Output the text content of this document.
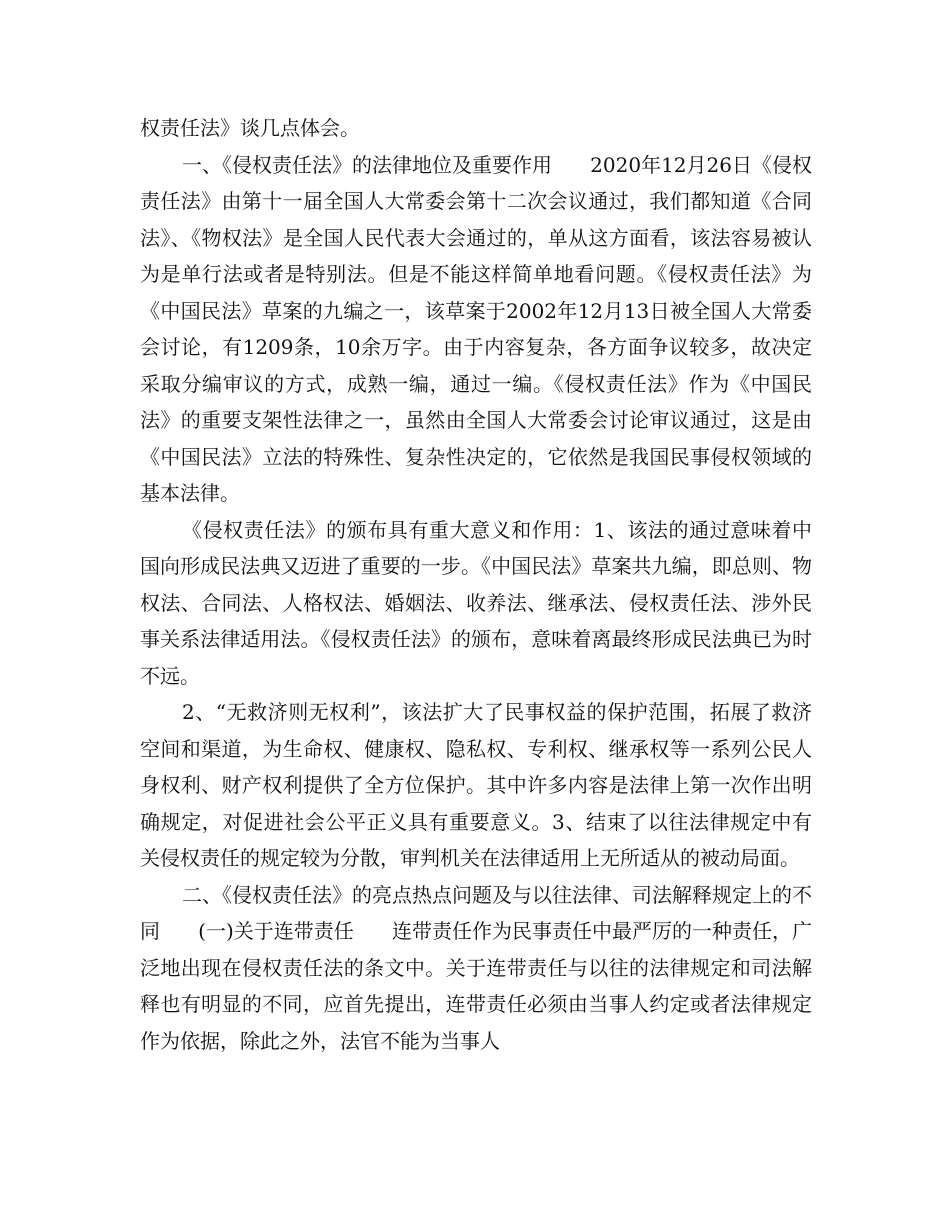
权责任法》谈几点体会。

一、《侵权责任法》的法律地位及重要作用      2020年12月26日《侵权责任法》由第十一届全国人大常委会第十二次会议通过，我们都知道《合同法》、《物权法》是全国人民代表大会通过的，单从这方面看，该法容易被认为是单行法或者是特别法。但是不能这样简单地看问题。《侵权责任法》为《中国民法》草案的九编之一，该草案于2002年12月13日被全国人大常委会讨论，有1209条，10余万字。由于内容复杂，各方面争议较多，故决定采取分编审议的方式，成熟一编，通过一编。《侵权责任法》作为《中国民法》的重要支架性法律之一，虽然由全国人大常委会讨论审议通过，这是由《中国民法》立法的特殊性、复杂性决定的，它依然是我国民事侵权领域的基本法律。

《侵权责任法》的颁布具有重大意义和作用：1、该法的通过意味着中国向形成民法典又迈进了重要的一步。《中国民法》草案共九编，即总则、物权法、合同法、人格权法、婚姻法、收养法、继承法、侵权责任法、涉外民事关系法律适用法。《侵权责任法》的颁布，意味着离最终形成民法典已为时不远。

2、“无救济则无权利”，该法扩大了民事权益的保护范围，拓展了救济空间和渠道，为生命权、健康权、隐私权、专利权、继承权等一系列公民人身权利、财产权利提供了全方位保护。其中许多内容是法律上第一次作出明确规定，对促进社会公平正义具有重要意义。3、结束了以往法律规定中有关侵权责任的规定较为分散，审判机关在法律适用上无所适从的被动局面。

二、《侵权责任法》的亮点热点问题及与以往法律、司法解释规定上的不同      (一)关于连带责任      连带责任作为民事责任中最严厉的一种责任，广泛地出现在侵权责任法的条文中。关于连带责任与以往的法律规定和司法解释也有明显的不同，应首先提出，连带责任必须由当事人约定或者法律规定作为依据，除此之外，法官不能为当事人
